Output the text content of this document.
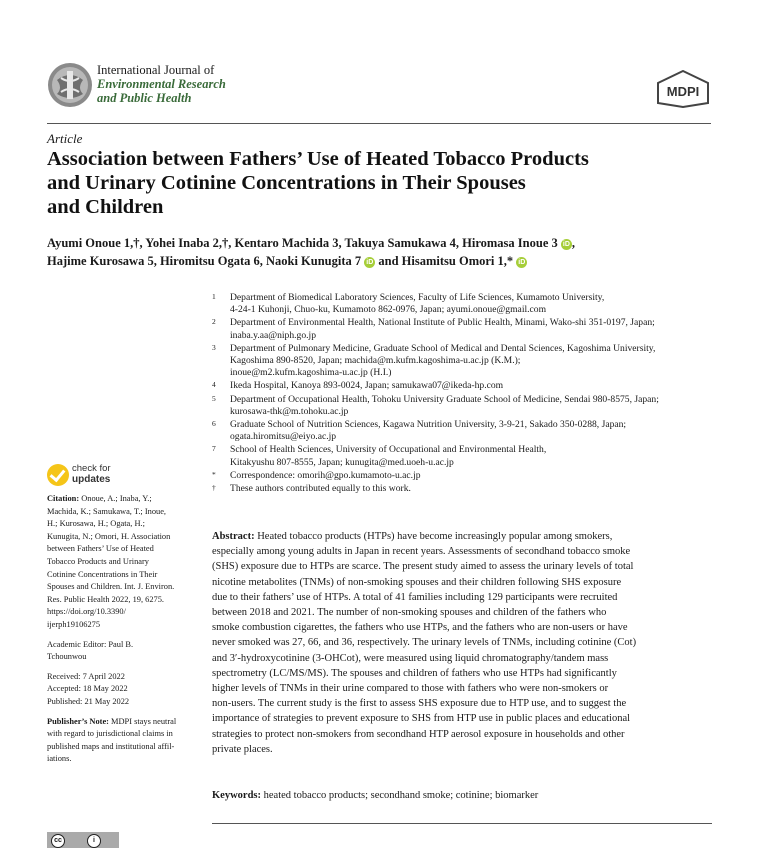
International Journal of
Environmental Research
and Public Health	MDPI
Article
Association between Fathers’ Use of Heated Tobacco Products
and Urinary Cotinine Concentrations in Their Spouses
and Children
Ayumi Onoue 1,†, Yohei Inaba 2,†, Kentaro Machida 3, Takuya Samukawa 4, Hiromasa Inoue 3 iD ,
Hajime Kurosawa 5, Hiromitsu Ogata 6, Naoki Kunugita 7 iD and Hisamitsu Omori 1,* iD
1 Department of Biomedical Laboratory Sciences, Faculty of Life Sciences, Kumamoto University,
4-24-1 Kuhonji, Chuo-ku, Kumamoto 862-0976, Japan; ayumi.onoue@gmail.com
2 Department of Environmental Health, National Institute of Public Health, Minami, Wako-shi 351-0197, Japan;
inaba.y.aa@niph.go.jp
3 Department of Pulmonary Medicine, Graduate School of Medical and Dental Sciences, Kagoshima University,
Kagoshima 890-8520, Japan; machida@m.kufm.kagoshima-u.ac.jp (K.M.);
inoue@m2.kufm.kagoshima-u.ac.jp (H.I.)
4 Ikeda Hospital, Kanoya 893-0024, Japan; samukawa07@ikeda-hp.com
5 Department of Occupational Health, Tohoku University Graduate School of Medicine, Sendai 980-8575, Japan;
kurosawa-thk@m.tohoku.ac.jp
6 Graduate School of Nutrition Sciences, Kagawa Nutrition University, 3-9-21, Sakado 350-0288, Japan;
ogata.hiromitsu@eiyo.ac.jp
7 School of Health Sciences, University of Occupational and Environmental Health,
Kitakyushu 807-8555, Japan; kunugita@med.uoeh-u.ac.jp
* Correspondence: omorih@gpo.kumamoto-u.ac.jp
† These authors contributed equally to this work.
check for
updates
Citation: Onoue, A.; Inaba, Y.;
Machida, K.; Samukawa, T.; Inoue,
H.; Kurosawa, H.; Ogata, H.;
Kunugita, N.; Omori, H. Association
between Fathers’ Use of Heated
Tobacco Products and Urinary
Cotinine Concentrations in Their
Spouses and Children. Int. J. Environ.
Res. Public Health 2022, 19, 6275.
https://doi.org/10.3390/
ijerph19106275
Academic Editor: Paul B.
Tchounwou
Received: 7 April 2022
Accepted: 18 May 2022
Published: 21 May 2022
Publisher’s Note: MDPI stays neutral
with regard to jurisdictional claims in
published maps and institutional affil-
iations.
cc	i
Abstract: Heated tobacco products (HTPs) have become increasingly popular among smokers,
especially among young adults in Japan in recent years. Assessments of secondhand tobacco smoke
(SHS) exposure due to HTPs are scarce. The present study aimed to assess the urinary levels of total
nicotine metabolites (TNMs) of non-smoking spouses and their children following SHS exposure
due to their fathers’ use of HTPs. A total of 41 families including 129 participants were recruited
between 2018 and 2021. The number of non-smoking spouses and children of the fathers who
smoke combustion cigarettes, the fathers who use HTPs, and the fathers who are non-users or have
never smoked was 27, 66, and 36, respectively. The urinary levels of TNMs, including cotinine (Cot)
and 3′-hydroxycotinine (3-OHCot), were measured using liquid chromatography/tandem mass
spectrometry (LC/MS/MS). The spouses and children of fathers who use HTPs had significantly
higher levels of TNMs in their urine compared to those with fathers who were non-smokers or
non-users. The current study is the first to assess SHS exposure due to HTP use, and to suggest the
importance of strategies to prevent exposure to SHS from HTP use in public places and educational
strategies to protect non-smokers from secondhand HTP aerosol exposure in households and other
private places.
Keywords: heated tobacco products; secondhand smoke; cotinine; biomarker
